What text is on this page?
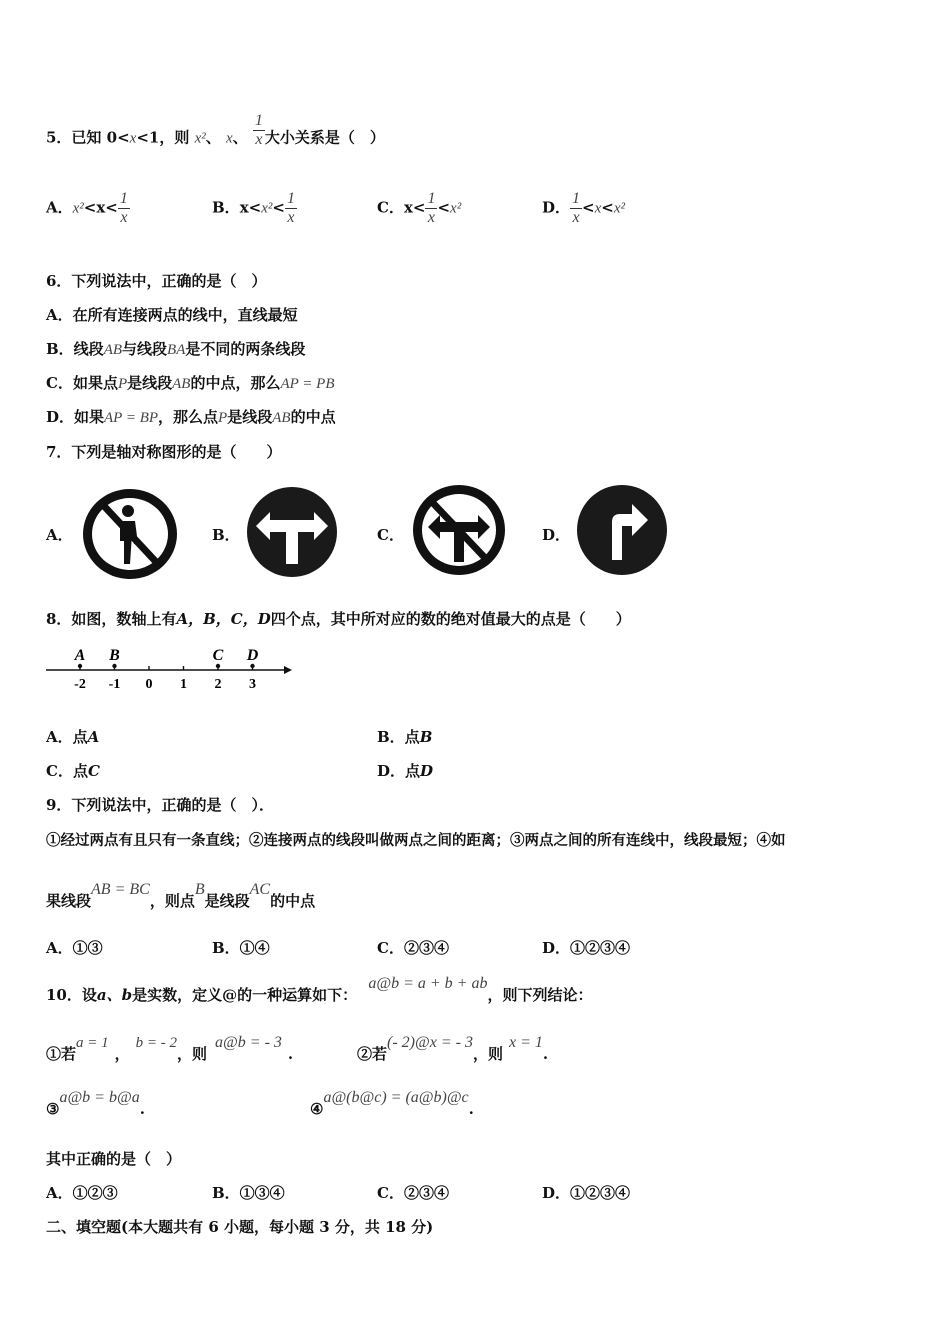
5．已知 0<x<1，则 x²、 x、 $\frac{1}{x}$ 大小关系是（　）
A．$x^2<x< \frac{1}{x}$	B．$x<x^2< \frac{1}{x}$	C．$x< \frac{1}{x} <x^2$	D． $\frac{1}{x} <x<x^2$
6．下列说法中，正确的是（　）
A．在所有连接两点的线中，直线最短
B．线段AB与线段BA是不同的两条线段
C．如果点P是线段AB的中点，那么AP = PB
D．如果AP = BP，那么点P是线段AB的中点
7．下列是轴对称图形的是（　　）
A．	B．	C．	D．
8．如图，数轴上有A，B，C，D四个点，其中所对应的数的绝对值最大的点是（　　）
-2 -1 0 1 2 3
A B	C D
A．点A	B．点B
C．点C	D．点D
9．下列说法中，正确的是（　）．
①经过两点有且只有一条直线；②连接两点的线段叫做两点之间的距离；③两点之间的所有连线中，线段最短；④如
果线段AB = BC，则点B是线段AC的中点
A．①③	B．①④	C．②③④	D．①②③④
10．设a、b是实数，定义@的一种运算如下： a@b = a + b + ab，则下列结论：
①若a = 1，b = - 2，则a@b = - 3.	②若(- 2)@x = - 3，则x = 1.
③a@b = b@a.	④a@(b@c) = (a@b)@c.
其中正确的是（　）
A．①②③	B．①③④	C．②③④	D．①②③④
二、填空题(本大题共有 6 小题，每小题 3 分，共 18 分)
